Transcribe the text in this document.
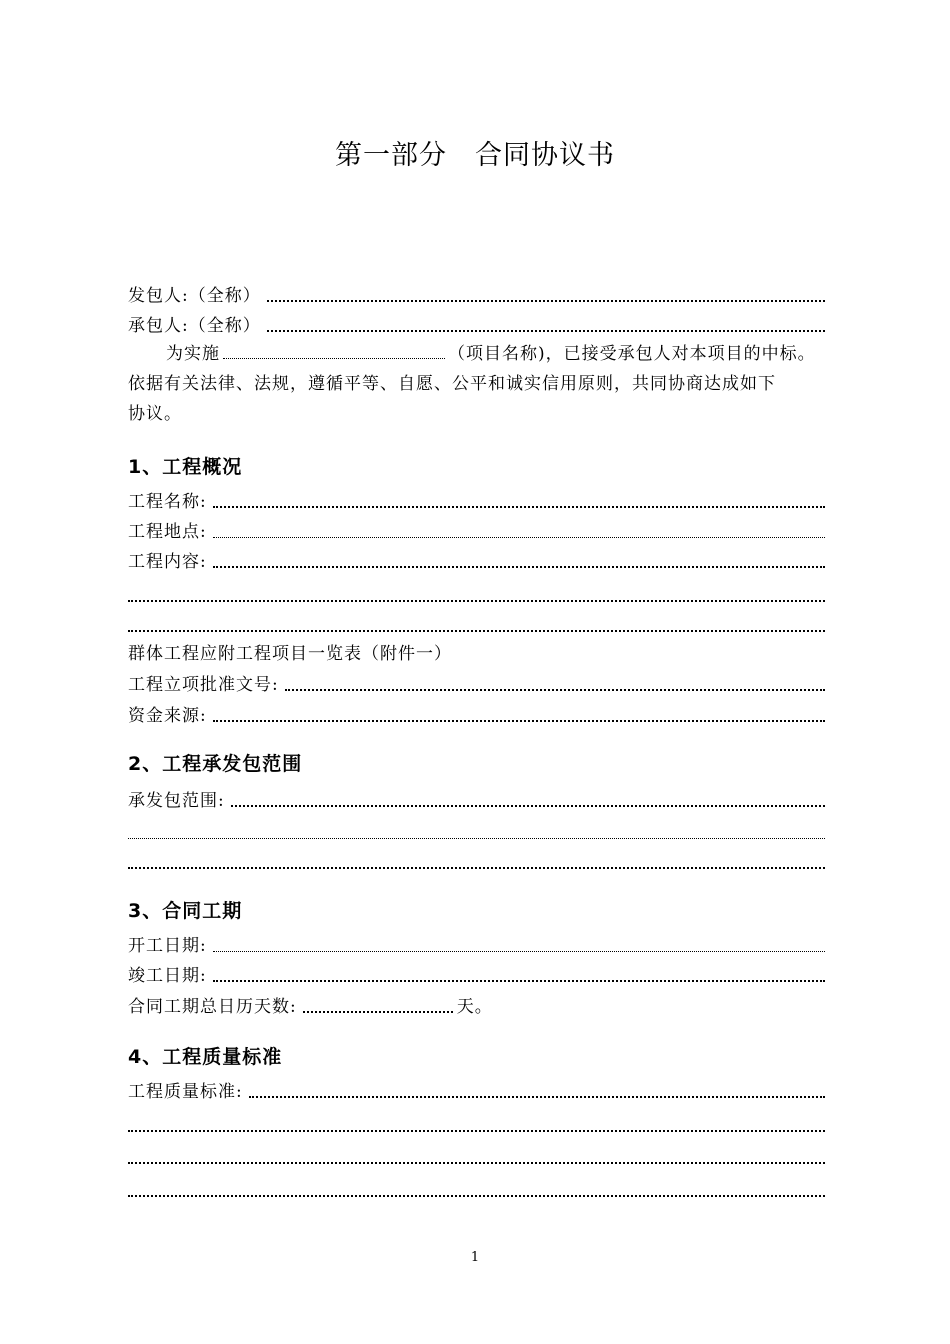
第一部分　合同协议书
发包人:（全称）
承包人:（全称）
为实施	（项目名称)，已接受承包人对本项目的中标。
依据有关法律、法规，遵循平等、自愿、公平和诚实信用原则，共同协商达成如下
协议。
1、工程概况
工程名称:
工程地点:
工程内容:
群体工程应附工程项目一览表（附件一）
工程立项批准文号:
资金来源:
2、工程承发包范围
承发包范围:
3、合同工期
开工日期:
竣工日期:
合同工期总日历天数:	天。
4、工程质量标准
工程质量标准:
1
